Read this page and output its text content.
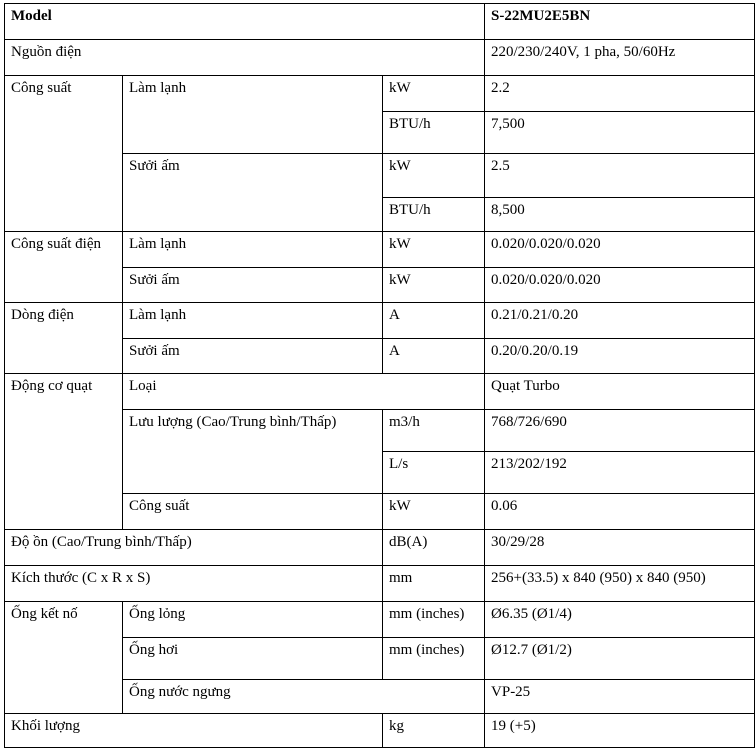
Model			S-22MU2E5BN
Nguồn điện			220/230/240V, 1 pha, 50/60Hz
Công suất	Làm lạnh	kW	2.2
		BTU/h	7,500
	Sưởi ấm	kW	2.5
		BTU/h	8,500
Công suất điện	Làm lạnh	kW	0.020/0.020/0.020
	Sưởi ấm	kW	0.020/0.020/0.020
Dòng điện	Làm lạnh	A	0.21/0.21/0.20
	Sưởi ấm	A	0.20/0.20/0.19
Động cơ quạt	Loại		Quạt Turbo
	Lưu lượng (Cao/Trung bình/Thấp)	m3/h	768/726/690
		L/s	213/202/192
	Công suất	kW	0.06
Độ ồn (Cao/Trung bình/Thấp)		dB(A)	30/29/28
Kích thước (C x R x S)		mm	256+(33.5) x 840 (950) x 840 (950)
Ống kết nố	Ống lỏng	mm (inches)	Ø6.35 (Ø1/4)
	Ống hơi	mm (inches)	Ø12.7 (Ø1/2)
	Ống nước ngưng		VP-25
Khối lượng		kg	19 (+5)
